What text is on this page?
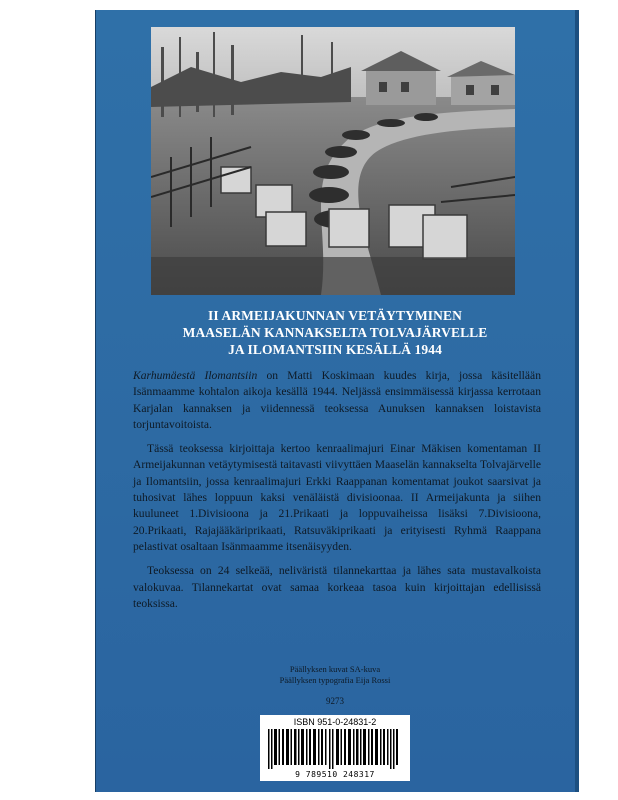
II ARMEIJAKUNNAN VETÄYTYMINEN
MAASELÄN KANNAKSELTA TOLVAJÄRVELLE
JA ILOMANTSIIN KESÄLLÄ 1944

Karhumäestä Ilomantsiin on Matti Koskimaan kuudes kirja, jossa käsitellään Isänmaamme kohtalon aikoja kesällä 1944. Neljässä ensimmäisessä kirjassa kerrotaan Karjalan kannaksen ja viidennessä teoksessa Aunuksen kannaksen loistavista torjuntavoitoista.

Tässä teoksessa kirjoittaja kertoo kenraalimajuri Einar Mäkisen komentaman II Armeijakunnan vetäytymisestä taitavasti viivyttäen Maaselän kannakselta Tolvajärvelle ja Ilomantsiin, jossa kenraalimajuri Erkki Raappanan komentamat joukot saarsivat ja tuhosivat lähes loppuun kaksi venäläistä divisioonaa. II Armeijakunta ja siihen kuuluneet 1.Divisioona ja 21.Prikaati ja loppuvaiheissa lisäksi 7.Divisioona, 20.Prikaati, Rajajääkäriprikaati, Ratsuväkiprikaati ja erityisesti Ryhmä Raappana pelastivat osaltaan Isänmaamme itsenäisyyden.

Teoksessa on 24 selkeää, neliväristä tilannekarttaa ja lähes sata mustavalkoista valokuvaa. Tilannekartat ovat samaa korkeaa tasoa kuin kirjoittajan edellisissä teoksissa.

Päällyksen kuvat SA-kuva
Päällyksen typografia Eija Rossi
9273
ISBN 951-0-24831-2
9 789510 248317
